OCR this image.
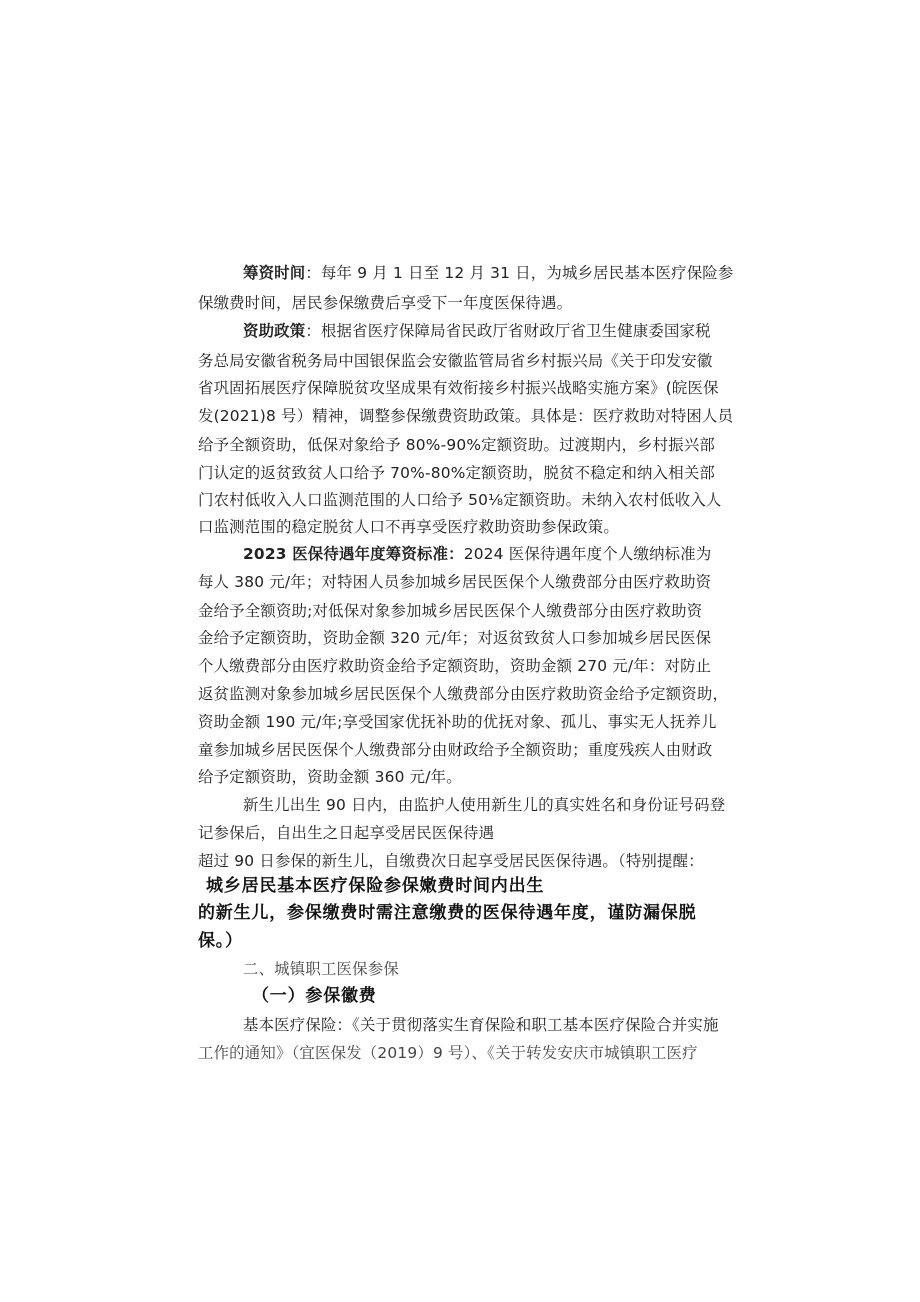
筹资时间：每年 9 月 1 日至 12 月 31 日，为城乡居民基本医疗保险参
保缴费时间，居民参保缴费后享受下一年度医保待遇。
资助政策：根据省医疗保障局省民政厅省财政厅省卫生健康委国家税
务总局安徽省税务局中国银保监会安徽监管局省乡村振兴局《关于印发安徽
省巩固拓展医疗保障脱贫攻坚成果有效衔接乡村振兴战略实施方案》(皖医保
发(2021)8 号）精神，调整参保缴费资助政策。具体是：医疗救助对特困人员
给予全额资助，低保对象给予 80%-90%定额资助。过渡期内，乡村振兴部
门认定的返贫致贫人口给予 70%-80%定额资助，脱贫不稳定和纳入相关部
门农村低收入人口监测范围的人口给予 50⅛定额资助。未纳入农村低收入人
口监测范围的稳定脱贫人口不再享受医疗救助资助参保政策。
2023 医保待遇年度筹资标准：2024 医保待遇年度个人缴纳标准为
每人 380 元/年；对特困人员参加城乡居民医保个人缴费部分由医疗救助资
金给予全额资助;对低保对象参加城乡居民医保个人缴费部分由医疗救助资
金给予定额资助，资助金额 320 元/年；对返贫致贫人口参加城乡居民医保
个人缴费部分由医疗救助资金给予定额资助，资助金额 270 元/年：对防止
返贫监测对象参加城乡居民医保个人缴费部分由医疗救助资金给予定额资助，
资助金额 190 元/年;享受国家优抚补助的优抚对象、孤儿、事实无人抚养儿
童参加城乡居民医保个人缴费部分由财政给予全额资助；重度残疾人由财政
给予定额资助，资助金额 360 元/年。
新生儿出生 90 日内，由监护人使用新生儿的真实姓名和身份证号码登
记参保后，自出生之日起享受居民医保待遇
超过 90 日参保的新生儿，自缴费次日起享受居民医保待遇。（特别提醒：
城乡居民基本医疗保险参保嫩费时间内出生
的新生儿，参保缴费时需注意缴费的医保待遇年度，谨防漏保脱
保。）
二、城镇职工医保参保
（一）参保徽费
基本医疗保险：《关于贯彻落实生育保险和职工基本医疗保险合并实施
工作的通知》（宜医保发（2019）9 号）、《关于转发安庆市城镇职工医疗
